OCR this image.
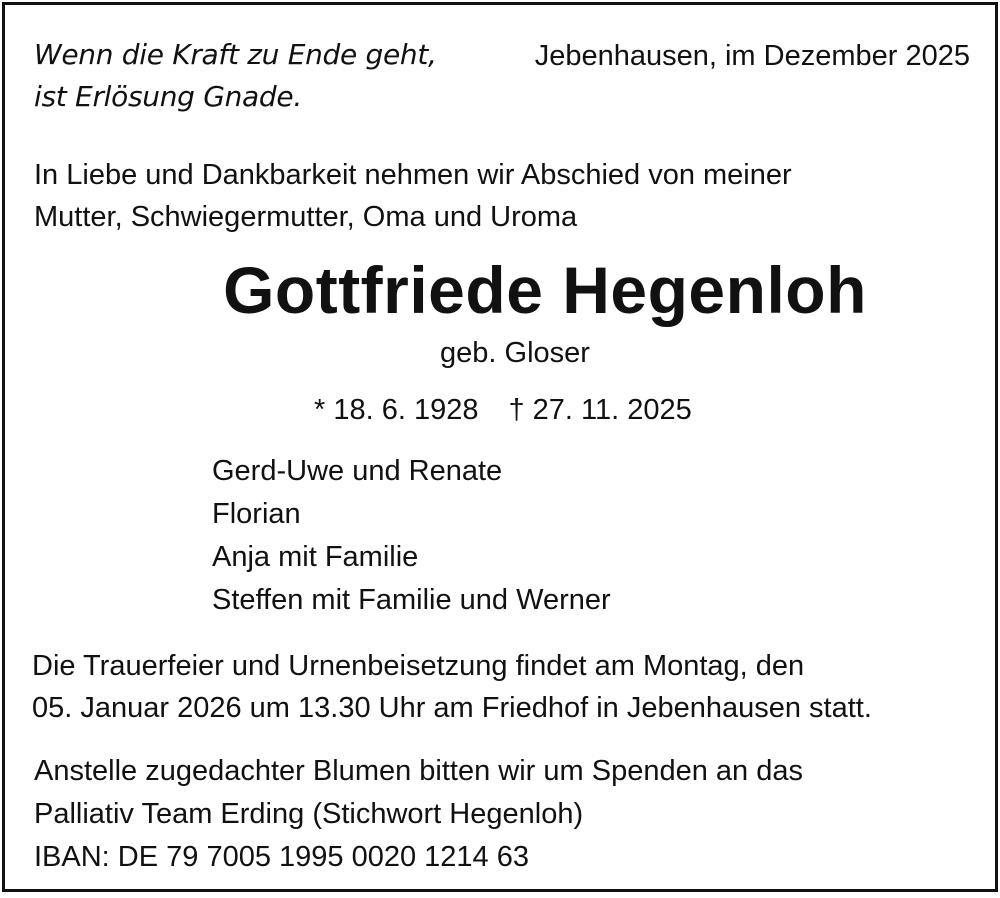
Wenn die Kraft zu Ende geht,
ist Erlösung Gnade.
Jebenhausen, im Dezember 2025
In Liebe und Dankbarkeit nehmen wir Abschied von meiner
Mutter, Schwiegermutter, Oma und Uroma
Gottfriede Hegenloh
geb. Gloser
* 18. 6. 1928 † 27. 11. 2025
Gerd-Uwe und Renate
Florian
Anja mit Familie
Steffen mit Familie und Werner
Die Trauerfeier und Urnenbeisetzung findet am Montag, den
05. Januar 2026 um 13.30 Uhr am Friedhof in Jebenhausen statt.
Anstelle zugedachter Blumen bitten wir um Spenden an das
Palliativ Team Erding (Stichwort Hegenloh)
IBAN: DE 79 7005 1995 0020 1214 63
